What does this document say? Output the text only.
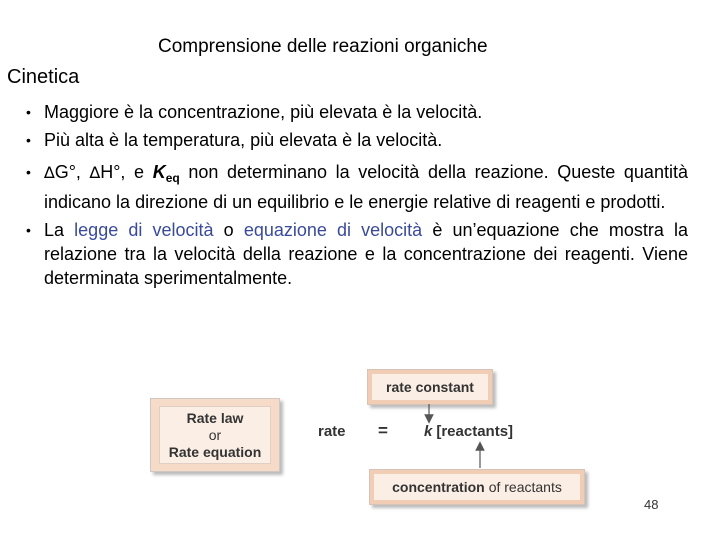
Comprensione delle reazioni organiche
Cinetica
• Maggiore è la concentrazione, più elevata è la velocità.
• Più alta è la temperatura, più elevata è la velocità.
• ∆G°, ∆H°, e $K_{eq}$ non determinano la velocità della reazione. Queste quantità indicano la direzione di un equilibrio e le energie relative di reagenti e prodotti.
• La legge di velocità o equazione di velocità è un’equazione che mostra la relazione tra la velocità della reazione e la concentrazione dei reagenti. Viene determinata sperimentalmente.
Rate law
or
Rate equation
rate constant
rate = k [reactants]
concentration of reactants
48
